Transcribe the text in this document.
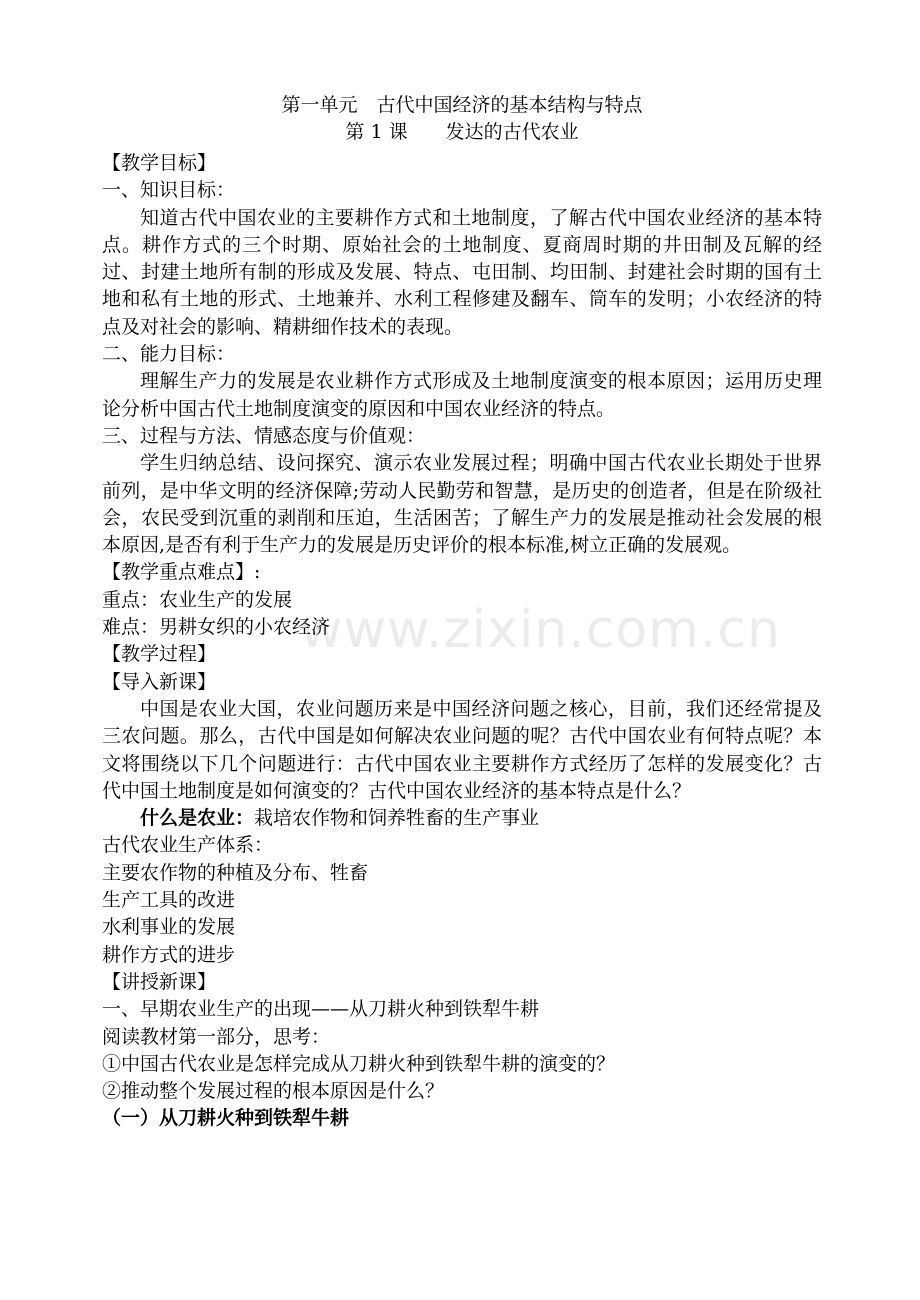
www.zixin.com.cn
第一单元　古代中国经济的基本结构与特点
第 1 课　　发达的古代农业
【教学目标】
一、知识目标：
知道古代中国农业的主要耕作方式和土地制度，了解古代中国农业经济的基本特点。耕作方式的三个时期、原始社会的土地制度、夏商周时期的井田制及瓦解的经过、封建土地所有制的形成及发展、特点、屯田制、均田制、封建社会时期的国有土地和私有土地的形式、土地兼并、水利工程修建及翻车、筒车的发明；小农经济的特点及对社会的影响、精耕细作技术的表现。
二、能力目标：
理解生产力的发展是农业耕作方式形成及土地制度演变的根本原因；运用历史理论分析中国古代土地制度演变的原因和中国农业经济的特点。
三、过程与方法、情感态度与价值观：
学生归纳总结、设问探究、演示农业发展过程；明确中国古代农业长期处于世界前列，是中华文明的经济保障;劳动人民勤劳和智慧，是历史的创造者，但是在阶级社会，农民受到沉重的剥削和压迫，生活困苦；了解生产力的发展是推动社会发展的根本原因,是否有利于生产力的发展是历史评价的根本标准,树立正确的发展观。
【教学重点难点】:
重点：农业生产的发展
难点：男耕女织的小农经济
【教学过程】
【导入新课】
中国是农业大国，农业问题历来是中国经济问题之核心，目前，我们还经常提及三农问题。那么，古代中国是如何解决农业问题的呢？古代中国农业有何特点呢？本文将围绕以下几个问题进行：古代中国农业主要耕作方式经历了怎样的发展变化？古代中国土地制度是如何演变的？古代中国农业经济的基本特点是什么？
什么是农业：栽培农作物和饲养牲畜的生产事业
古代农业生产体系：
主要农作物的种植及分布、牲畜
生产工具的改进
水利事业的发展
耕作方式的进步
【讲授新课】
一、早期农业生产的出现——从刀耕火种到铁犁牛耕
阅读教材第一部分，思考：
①中国古代农业是怎样完成从刀耕火种到铁犁牛耕的演变的？
②推动整个发展过程的根本原因是什么？
（一）从刀耕火种到铁犁牛耕
